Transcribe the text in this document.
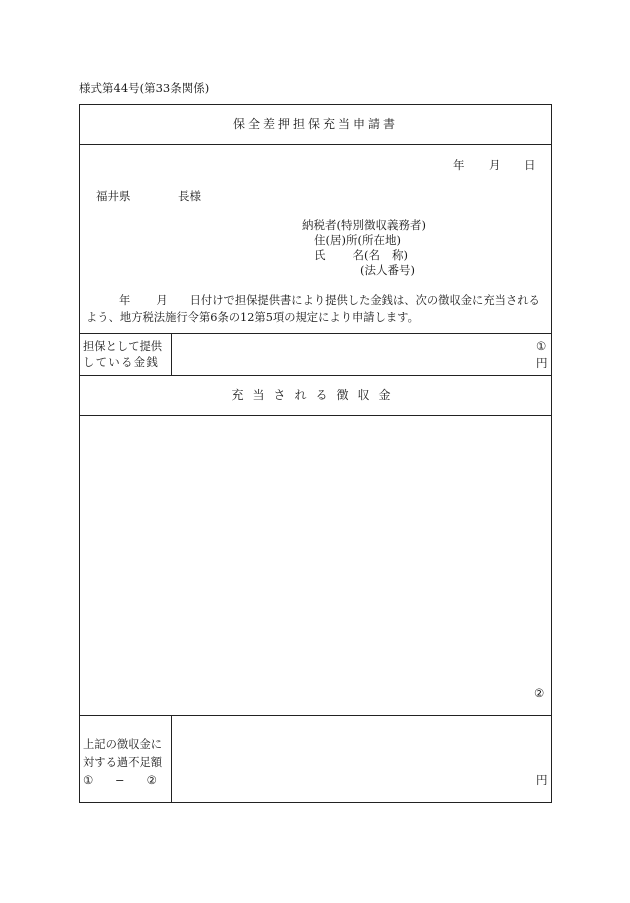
様式第44号(第33条関係)
保全差押担保充当申請書
年 月 日
福井県	長様
納税者(特別徴収義務者)
住(居)所(所在地)
氏 名(名 称)
(法人番号)
年 月 日付けで担保提供書により提供した金銭は、次の徴収金に充当されるよう、地方税法施行令第6条の12第5項の規定により申請します。
担保として提供
している金銭
①
円
充当される徴収金
②
上記の徴収金に
対する過不足額
① − ②	円
